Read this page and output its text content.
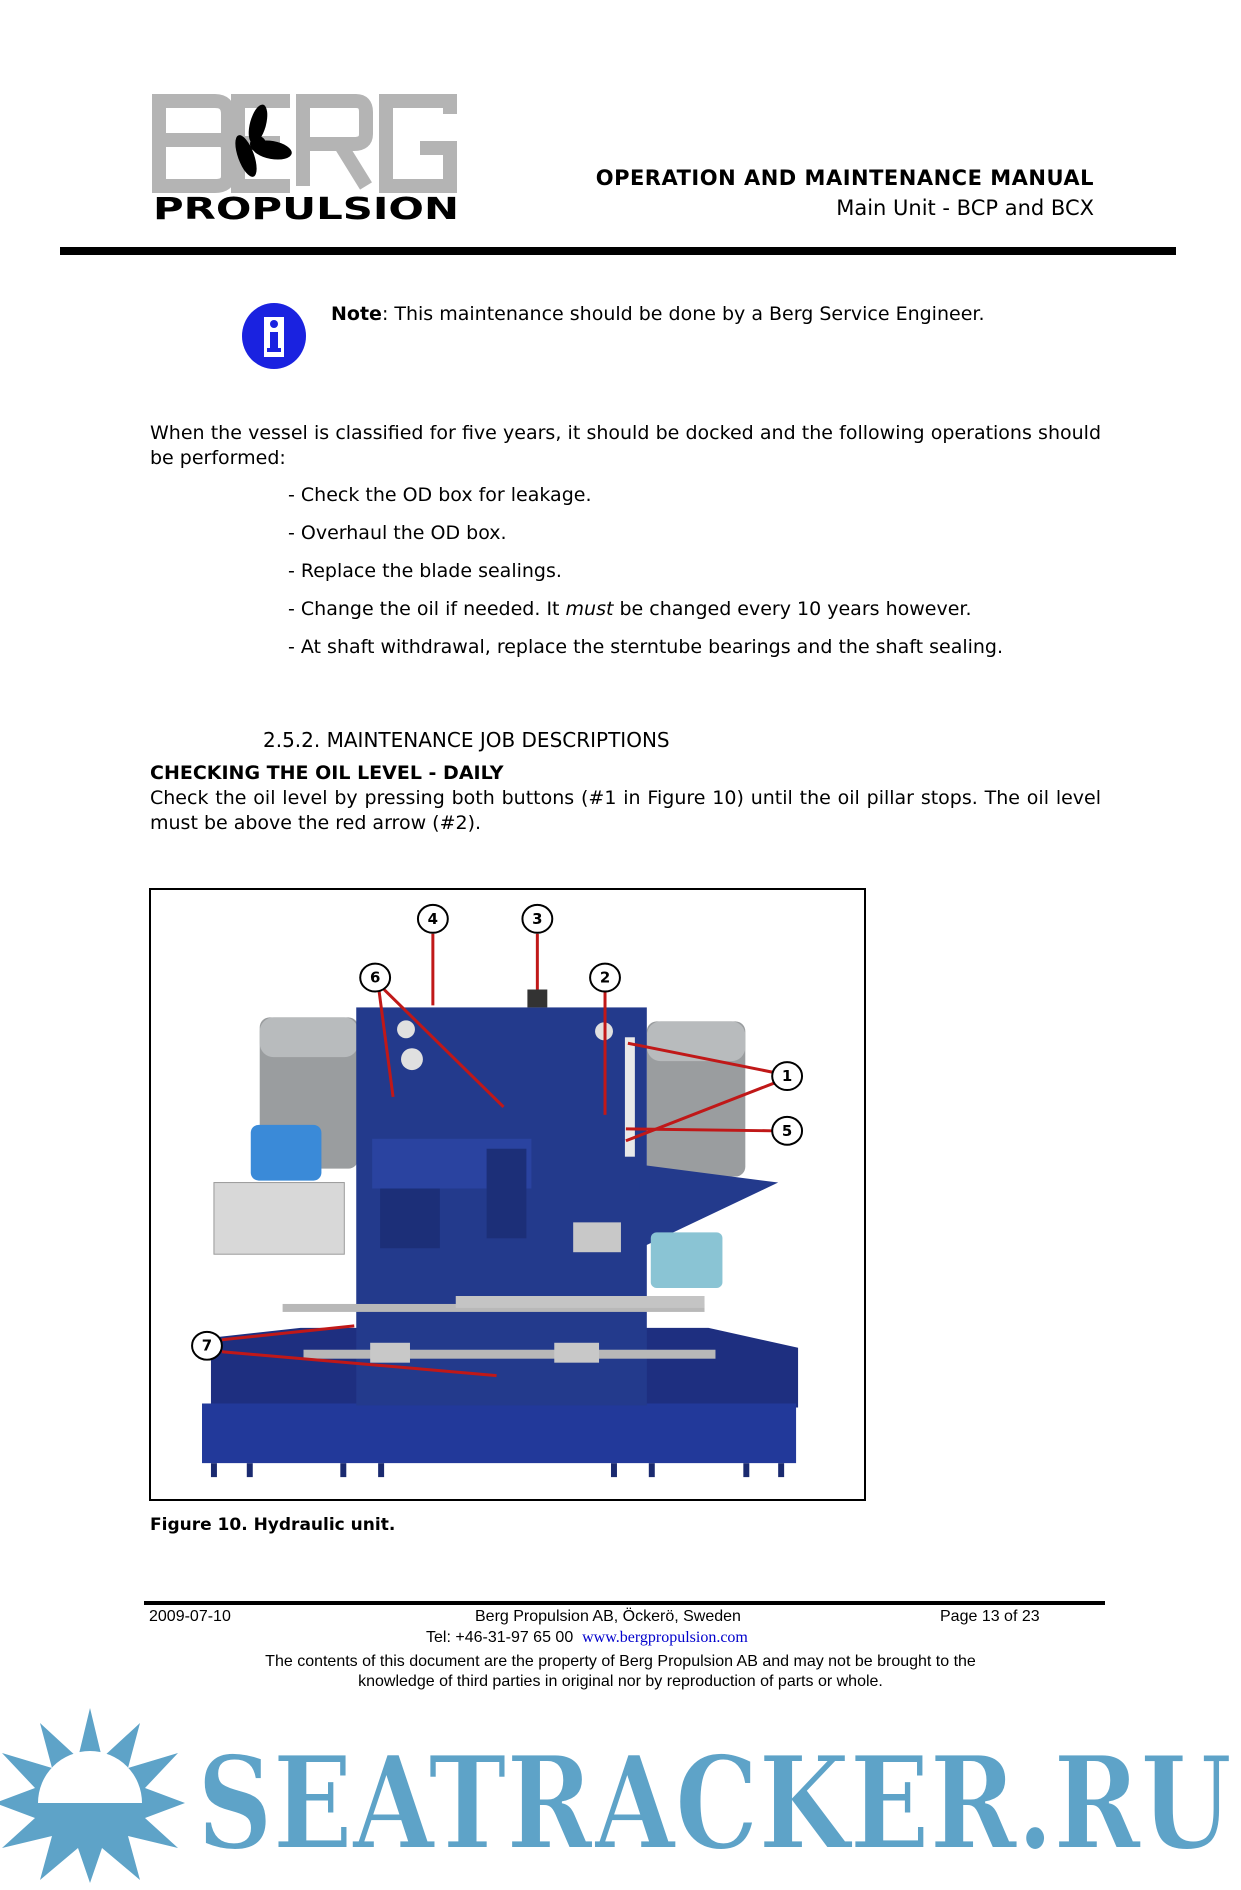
PROPULSION
OPERATION AND MAINTENANCE MANUAL
Main Unit - BCP and BCX
Note: This maintenance should be done by a Berg Service Engineer.
When the vessel is classified for five years, it should be docked and the following operations should be performed:
- Check the OD box for leakage.
- Overhaul the OD box.
- Replace the blade sealings.
- Change the oil if needed. It must be changed every 10 years however.
- At shaft withdrawal, replace the sterntube bearings and the shaft sealing.
2.5.2. MAINTENANCE JOB DESCRIPTIONS
CHECKING THE OIL LEVEL - DAILY
Check the oil level by pressing both buttons (#1 in Figure 10) until the oil pillar stops. The oil level must be above the red arrow (#2).
4	3
6	2
1
5
7
Figure 10. Hydraulic unit.
2009-07-10	Berg Propulsion AB, Öckerö, Sweden	Page 13 of 23
Tel: +46-31-97 65 00 www.bergpropulsion.com
The contents of this document are the property of Berg Propulsion AB and may not be brought to the
knowledge of third parties in original nor by reproduction of parts or whole.
SEATRACKER.RU
